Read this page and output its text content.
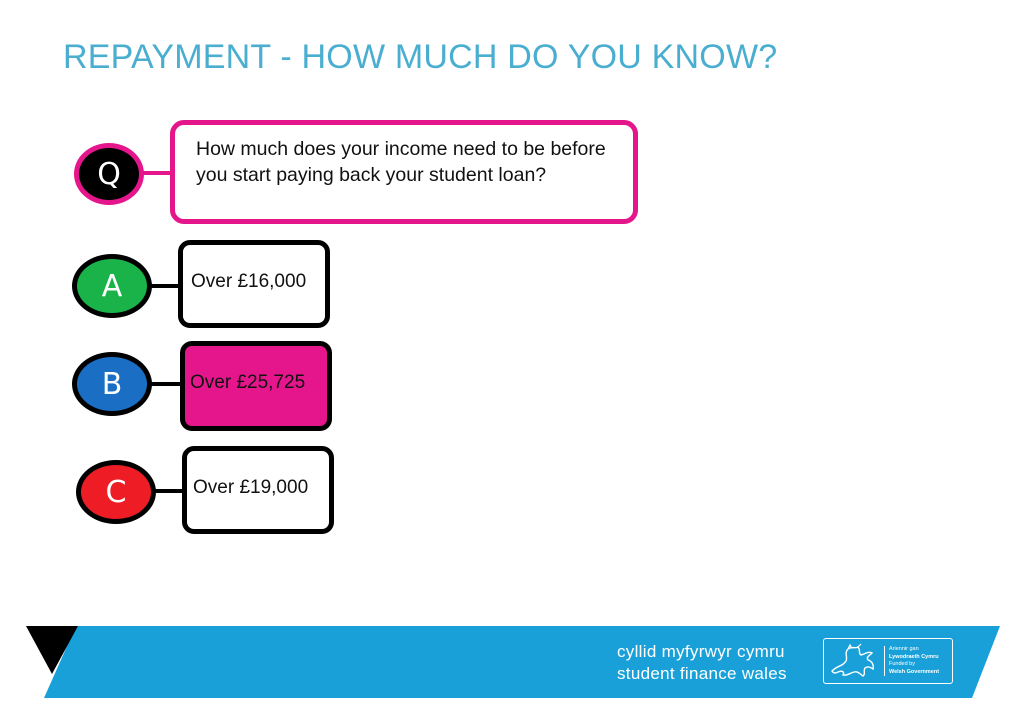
REPAYMENT - HOW MUCH DO YOU KNOW?
Q
How much does your income need to be before you start paying back your student loan?
A	Over £16,000
B	Over £25,725
C	Over £19,000
cyllid myfyrwyr cymru
student finance wales
Ariennir gan
Lywodraeth Cymru
Funded by
Welsh Government
